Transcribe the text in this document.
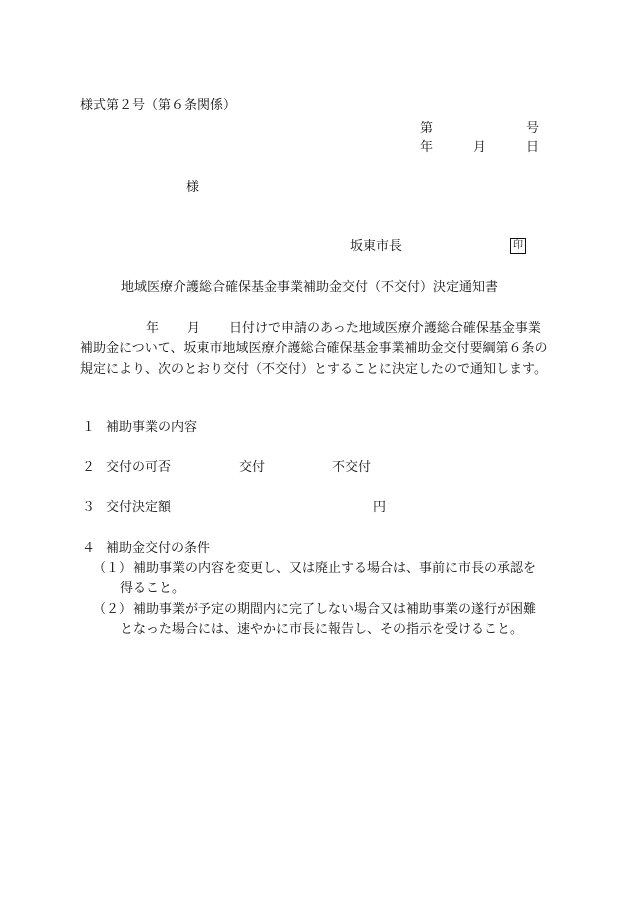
様式第２号（第６条関係）
第	号
年	月	日
様
坂東市長	印
地域医療介護総合確保基金事業補助金交付（不交付）決定通知書
年 月 日付けで申請のあった地域医療介護総合確保基金事業
補助金について、坂東市地域医療介護総合確保基金事業補助金交付要綱第６条の
規定により、次のとおり交付（不交付）とすることに決定したので通知します。
１ 補助事業の内容
２ 交付の可否	交付	不交付
３ 交付決定額	円
４ 補助金交付の条件
（１） 補助事業の内容を変更し、又は廃止する場合は、事前に市長の承認を
得ること。
（２） 補助事業が予定の期間内に完了しない場合又は補助事業の遂行が困難
となった場合には、速やかに市長に報告し、その指示を受けること。
